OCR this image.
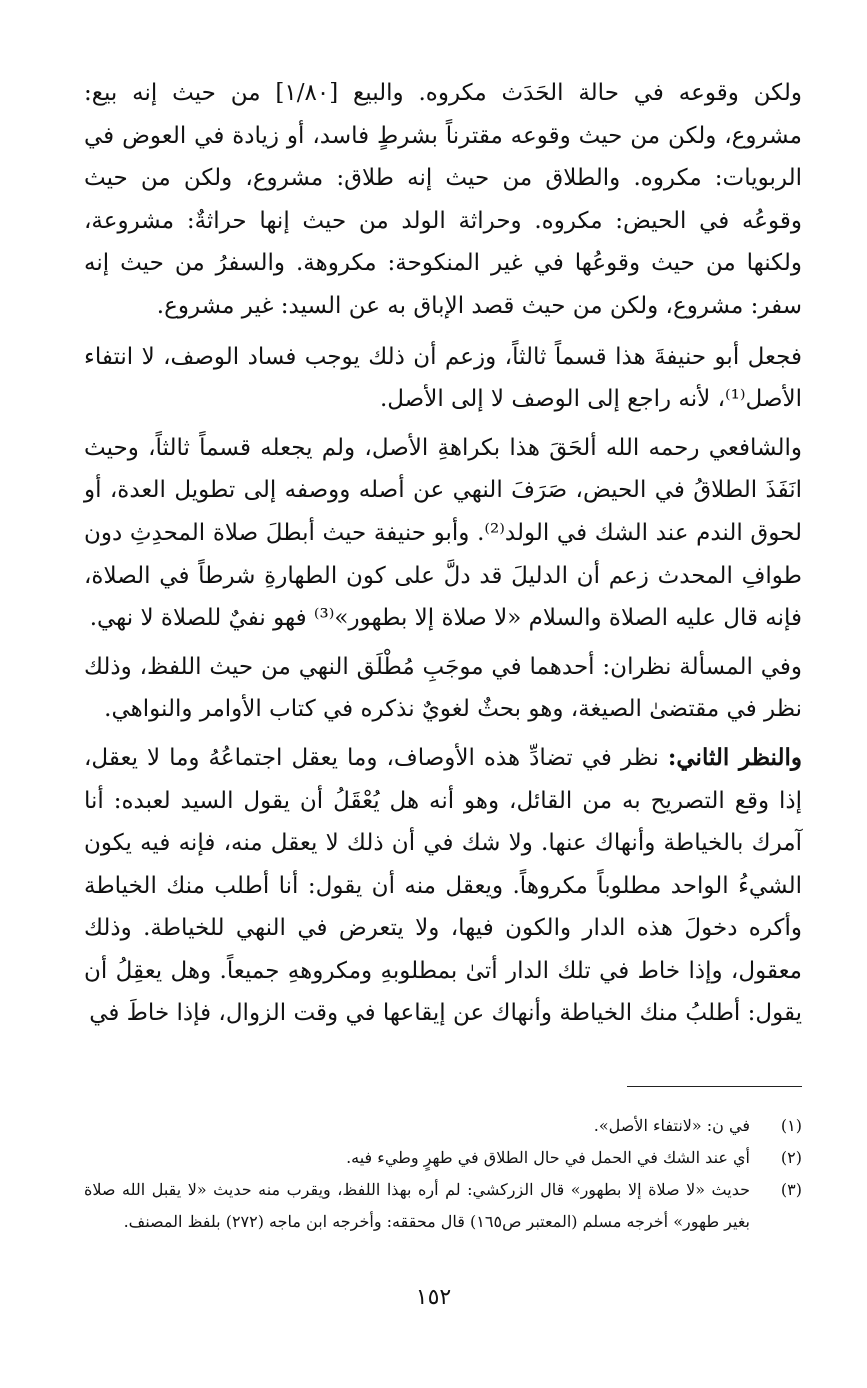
ولكن وقوعه في حالة الحَدَث مكروه. والبيع [١/٨٠] من حيث إنه بيع: مشروع، ولكن من حيث وقوعه مقترناً بشرطٍ فاسد، أو زيادة في العوض في الربويات: مكروه. والطلاق من حيث إنه طلاق: مشروع، ولكن من حيث وقوعُه في الحيض: مكروه. وحراثة الولد من حيث إنها حراثةٌ: مشروعة، ولكنها من حيث وقوعُها في غير المنكوحة: مكروهة. والسفرُ من حيث إنه سفر: مشروع، ولكن من حيث قصد الإباق به عن السيد: غير مشروع.

فجعل أبو حنيفةَ هذا قسماً ثالثاً، وزعم أن ذلك يوجب فساد الوصف، لا انتفاء الأصل⁽¹⁾، لأنه راجع إلى الوصف لا إلى الأصل.

والشافعي رحمه الله ألحَقَ هذا بكراهةِ الأصل، ولم يجعله قسماً ثالثاً، وحيث انَفَذَ الطلاقُ في الحيض، صَرَفَ النهي عن أصله ووصفه إلى تطويل العدة، أو لحوق الندم عند الشك في الولد⁽²⁾. وأبو حنيفة حيث أبطلَ صلاة المحدِثِ دون طوافِ المحدث زعم أن الدليلَ قد دلَّ على كون الطهارةِ شرطاً في الصلاة، فإنه قال عليه الصلاة والسلام «لا صلاة إلا بطهور»⁽³⁾ فهو نفيٌ للصلاة لا نهي.

وفي المسألة نظران: أحدهما في موجَبِ مُطْلَق النهي من حيث اللفظ، وذلك نظر في مقتضىٰ الصيغة، وهو بحثٌ لغويٌ نذكره في كتاب الأوامر والنواهي.

والنظر الثاني: نظر في تضادِّ هذه الأوصاف، وما يعقل اجتماعُهُ وما لا يعقل، إذا وقع التصريح به من القائل، وهو أنه هل يُعْقَلُ أن يقول السيد لعبده: أنا آمرك بالخياطة وأنهاك عنها. ولا شك في أن ذلك لا يعقل منه، فإنه فيه يكون الشيءُ الواحد مطلوباً مكروهاً. ويعقل منه أن يقول: أنا أطلب منك الخياطة وأكره دخولَ هذه الدار والكون فيها، ولا يتعرض في النهي للخياطة. وذلك معقول، وإذا خاط في تلك الدار أتىٰ بمطلوبهِ ومكروههِ جميعاً. وهل يعقِلُ أن يقول: أطلبُ منك الخياطة وأنهاك عن إيقاعها في وقت الزوال، فإذا خاطَ في

(١)
في ن: «لانتفاء الأصل».
(٢)
أي عند الشك في الحمل في حال الطلاق في طهرٍ وطيء فيه.
(٣)
حديث «لا صلاة إلا بطهور» قال الزركشي: لم أره بهذا اللفظ، ويقرب منه حديث «لا يقبل الله صلاة بغير طهور» أخرجه مسلم (المعتبر ص١٦٥) قال محققه: وأخرجه ابن ماجه (٢٧٢) بلفظ المصنف.
١٥٢
